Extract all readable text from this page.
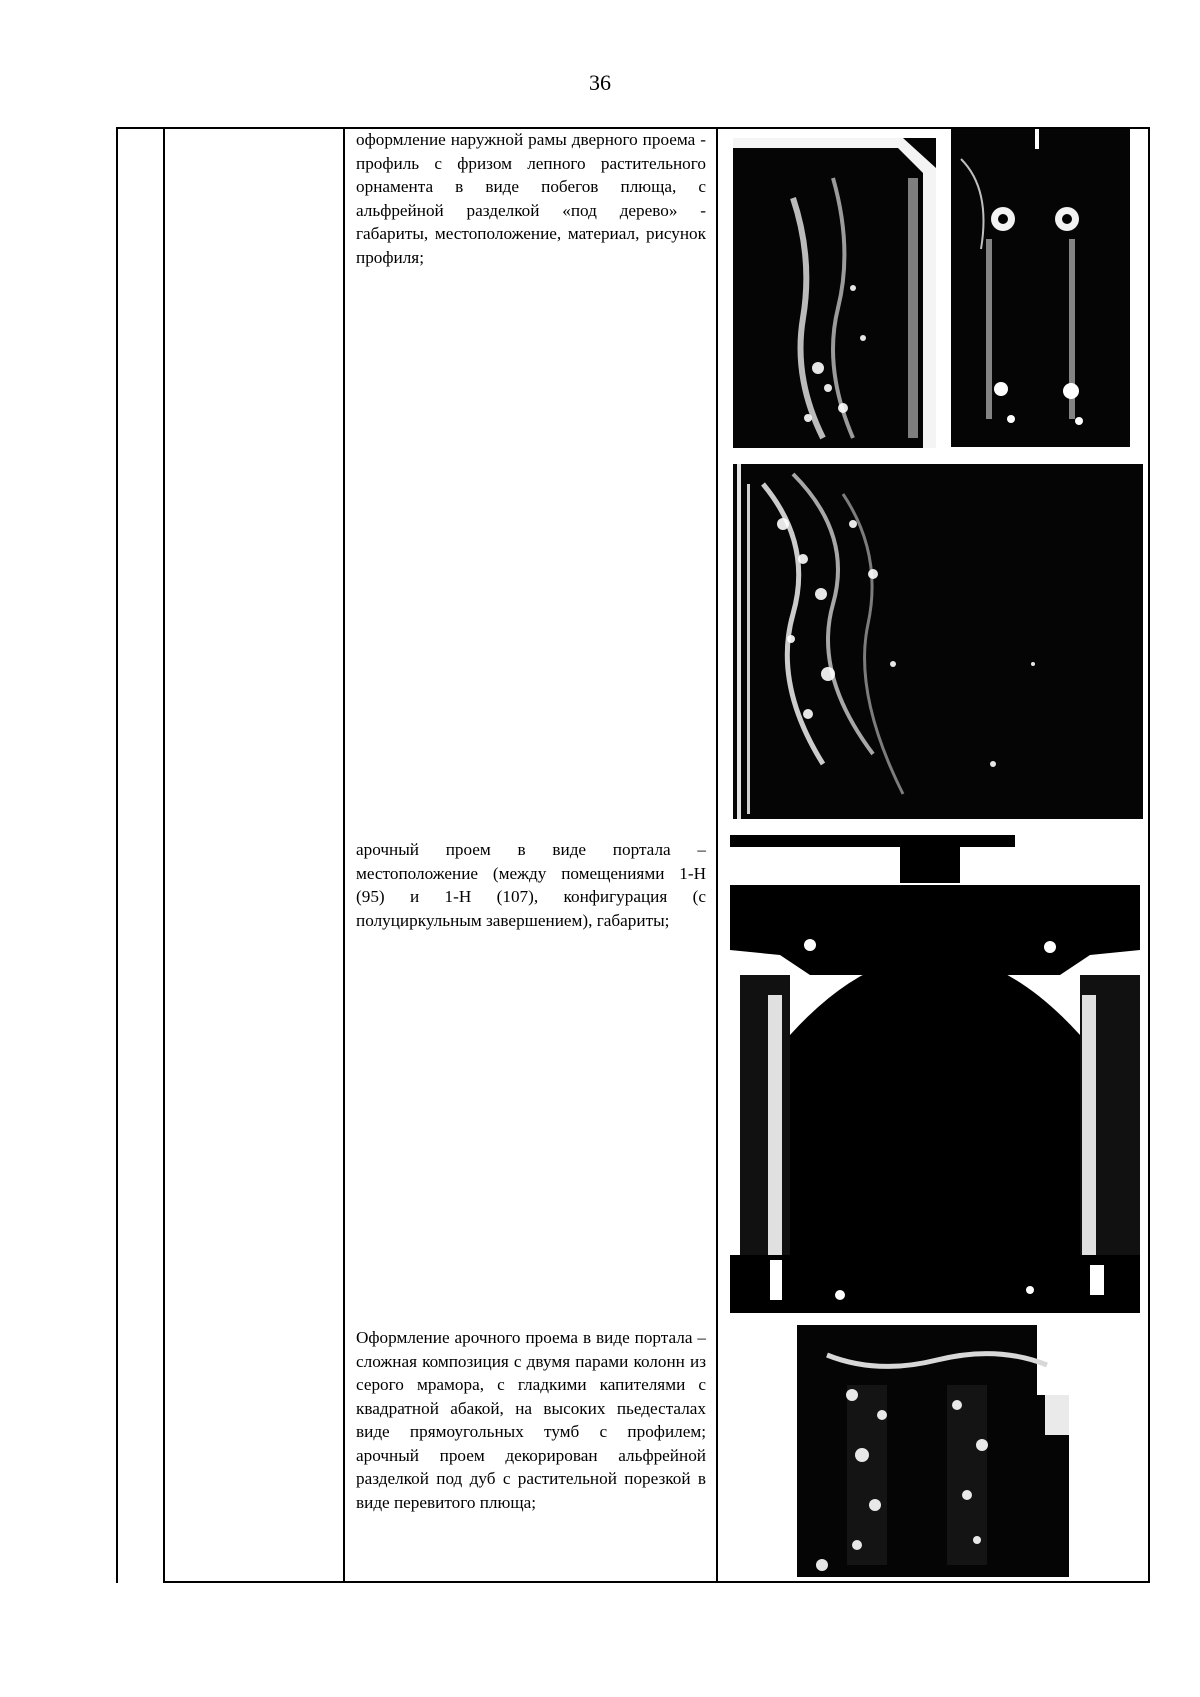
36
оформление наружной рамы дверного проема - профиль с фризом лепного растительного орнамента в виде побегов плюща, с альфрейной разделкой «под дерево» - габариты, местоположение, материал, рисунок профиля;
арочный проем в виде портала – местоположение (между помещениями 1-Н (95) и 1-Н (107), конфигурация (с полуциркульным завершением), габариты;
Оформление арочного проема в виде портала – сложная композиция с двумя парами колонн из серого мрамора, с гладкими капителями с квадратной абакой, на высоких пьедесталах виде прямоугольных тумб с профилем; арочный проем декорирован альфрейной разделкой под дуб с растительной порезкой в виде перевитого плюща;
